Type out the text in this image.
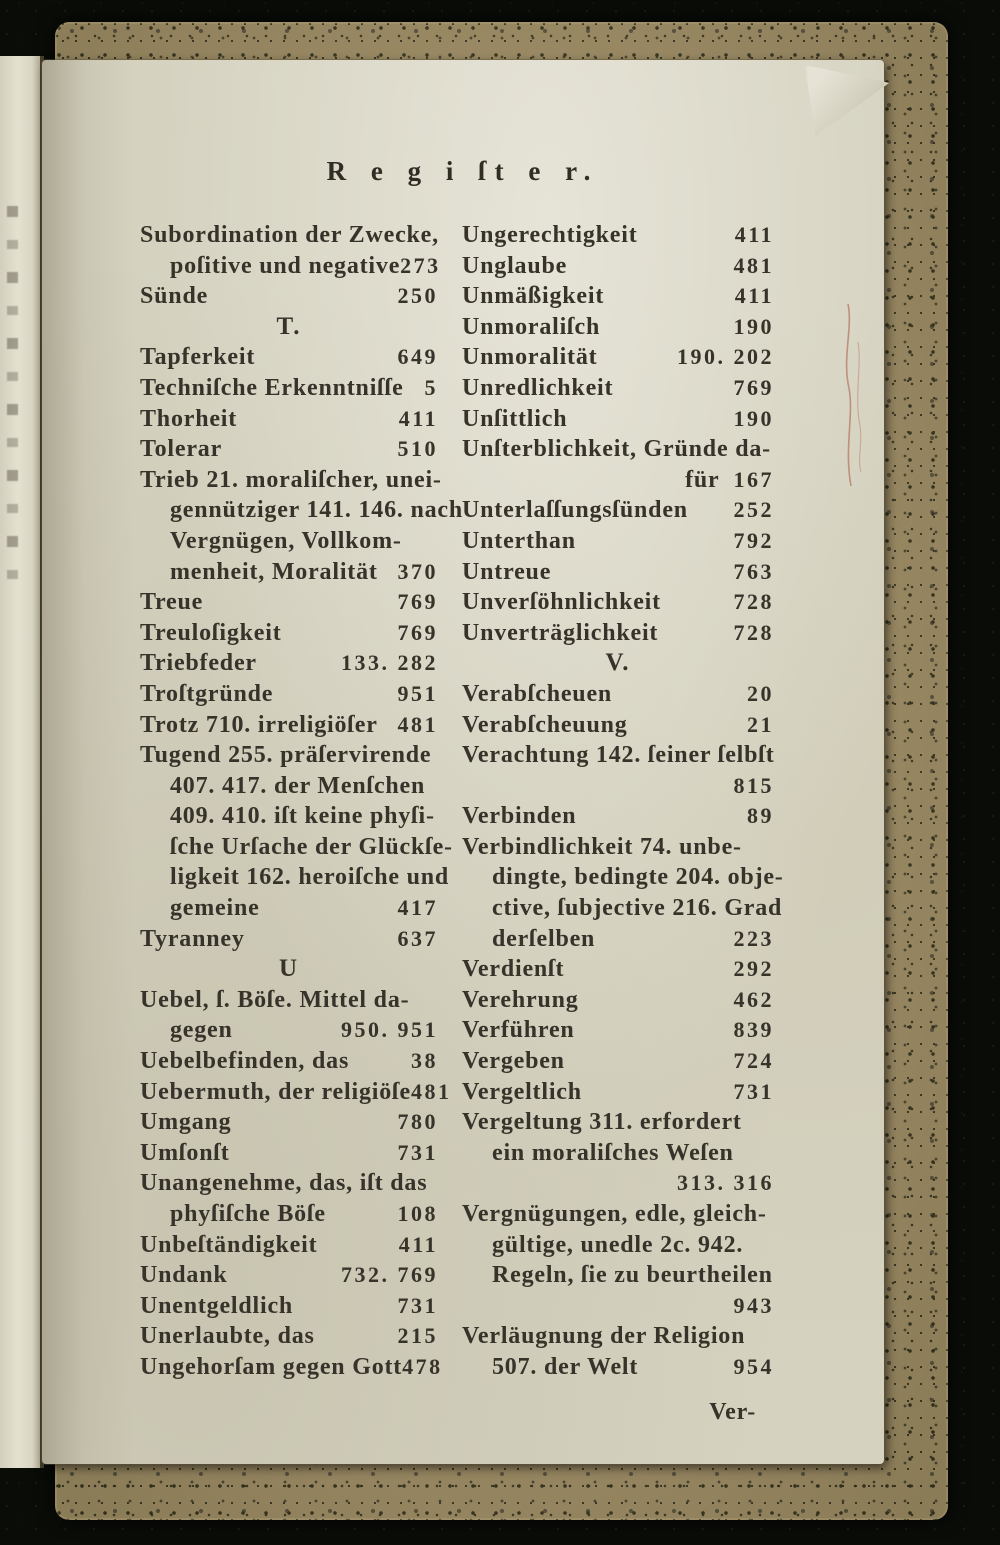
R e g i ſt e r.
Subordination der Zwecke,
poſitive und negative 273
Sünde	250
T.
Tapferkeit	649
Techniſche Erkenntniſſe 5
Thorheit	411
Tolerar	510
Trieb 21. moraliſcher, unei-
gennütziger 141. 146. nach
Vergnügen, Vollkom-
menheit, Moralität 370
Treue	769
Treuloſigkeit	769
Triebfeder	133. 282
Troſtgründe	951
Trotz 710. irreligiöſer 481
Tugend 255. präſervirende
407. 417. der Menſchen
409. 410. iſt keine phyſi-
ſche Urſache der Glückſe-
ligkeit 162. heroiſche und
gemeine	417
Tyranney	637
U
Uebel, ſ. Böſe. Mittel da-
gegen	950. 951
Uebelbefinden, das	38
Uebermuth, der religiöſe 481
Umgang	780
Umſonſt	731
Unangenehme, das, iſt das
phyſiſche Böſe	108
Unbeſtändigkeit	411
Undank	732. 769
Unentgeldlich	731
Unerlaubte, das	215
Ungehorſam gegen Gott 478
Ungerechtigkeit	411
Unglaube	481
Unmäßigkeit	411
Unmoraliſch	190
Unmoralität	190. 202
Unredlichkeit	769
Unſittlich	190
Unſterblichkeit, Gründe da-
für 167
Unterlaſſungsſünden 252
Unterthan	792
Untreue	763
Unverſöhnlichkeit	728
Unverträglichkeit	728
V.
Verabſcheuen	20
Verabſcheuung	21
Verachtung 142. ſeiner ſelbſt
815
Verbinden	89
Verbindlichkeit 74. unbe-
dingte, bedingte 204. obje-
ctive, ſubjective 216. Grad
derſelben	223
Verdienſt	292
Verehrung	462
Verführen	839
Vergeben	724
Vergeltlich	731
Vergeltung 311. erfordert
ein moraliſches Weſen
313. 316
Vergnügungen, edle, gleich-
gültige, unedle 2c. 942.
Regeln, ſie zu beurtheilen
943
Verläugnung der Religion
507. der Welt	954
Ver-
